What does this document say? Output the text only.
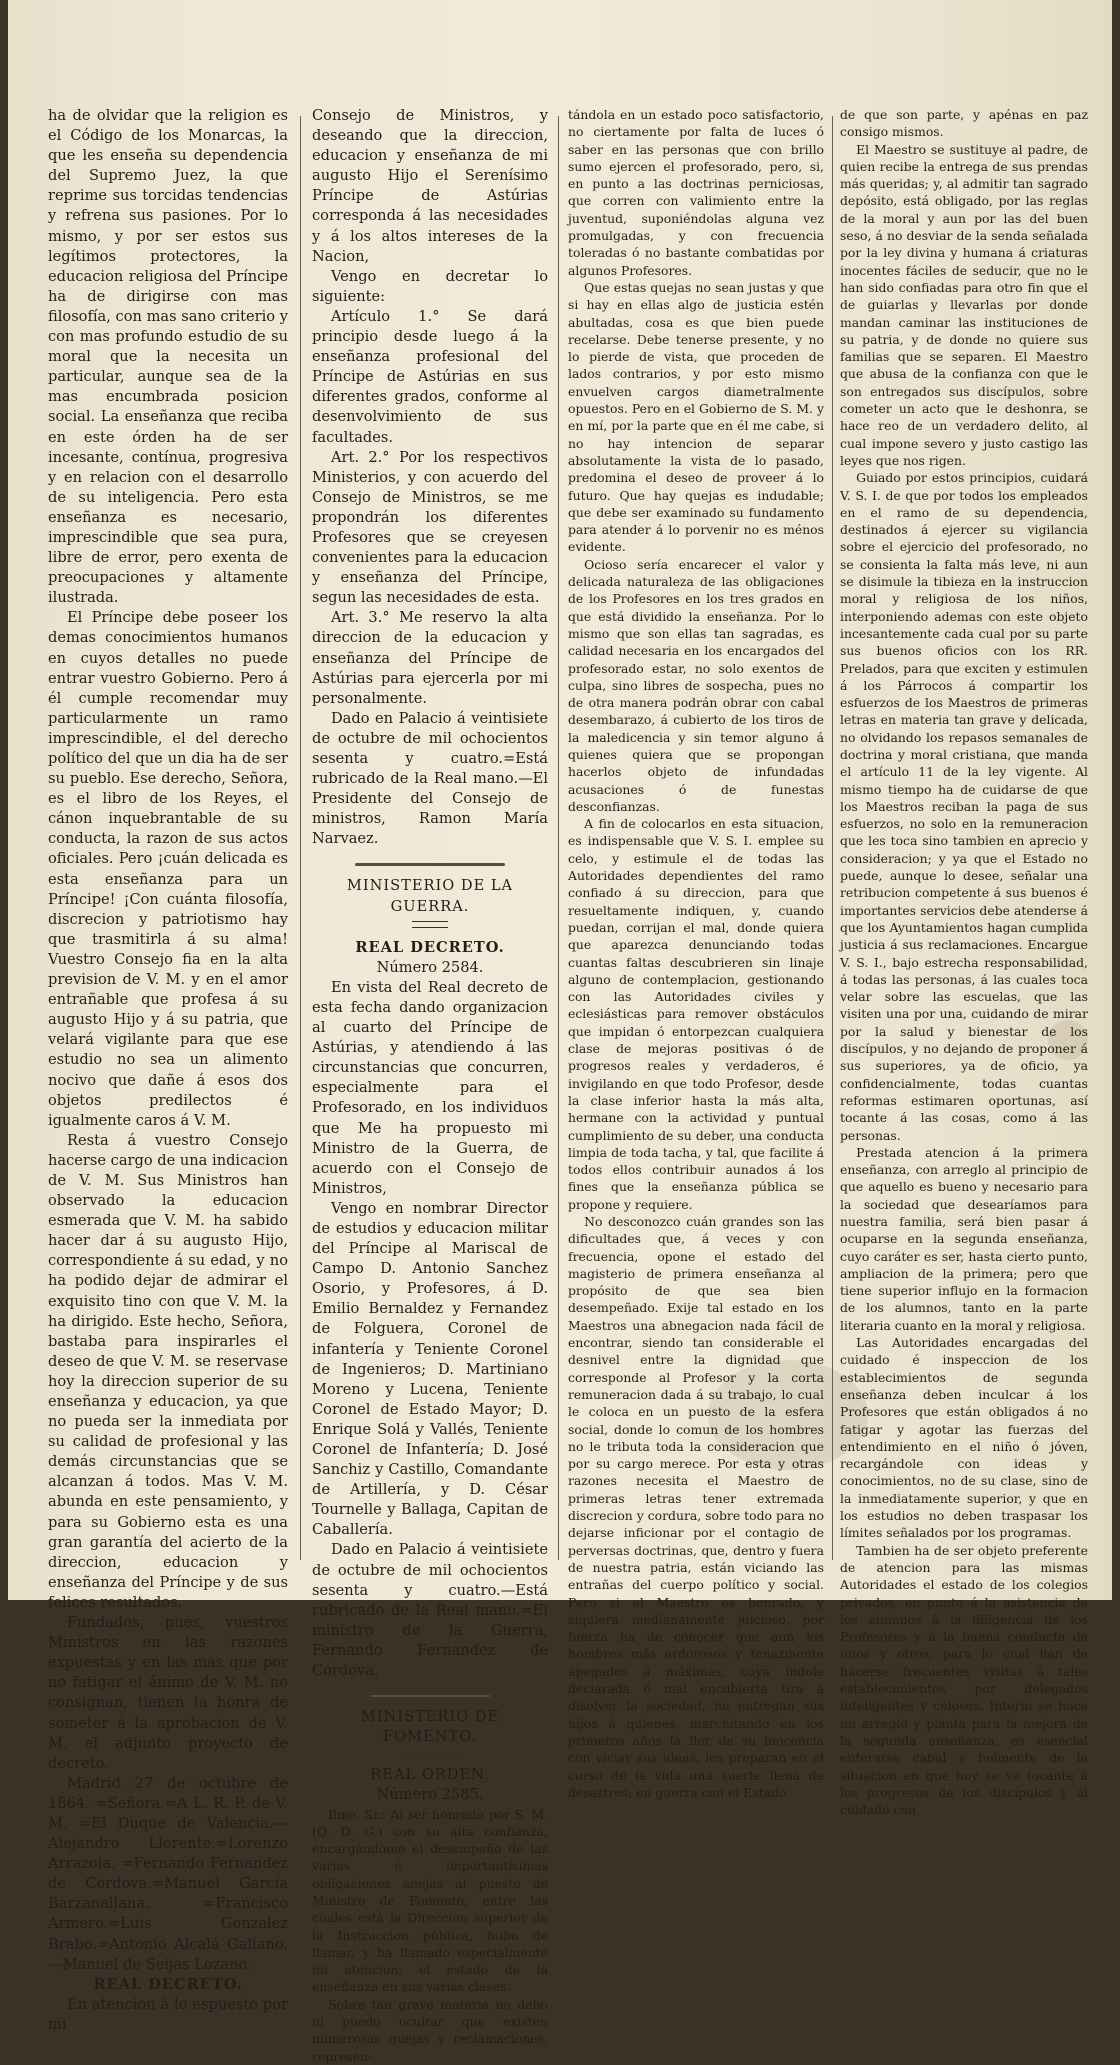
ha de olvidar que la religion es el Código de los Monarcas, la que les enseña su dependencia del Supremo Juez, la que reprime sus torcidas tendencias y refrena sus pasiones. Por lo mismo, y por ser estos sus legítimos protectores, la educacion religiosa del Príncipe ha de dirigirse con mas filosofía, con mas sano criterio y con mas profundo estudio de su moral que la necesita un particular, aunque sea de la mas encumbrada posicion social. La enseñanza que reciba en este órden ha de ser incesante, contínua, progresiva y en relacion con el desarrollo de su inteligencia. Pero esta enseñanza es necesario, imprescindible que sea pura, libre de error, pero exenta de preocupaciones y altamente ilustrada.

El Príncipe debe poseer los demas conocimientos humanos en cuyos detalles no puede entrar vuestro Gobierno. Pero á él cumple recomendar muy particularmente un ramo imprescindible, el del derecho político del que un dia ha de ser su pueblo. Ese derecho, Señora, es el libro de los Reyes, el cánon inquebrantable de su conducta, la razon de sus actos oficiales. Pero ¡cuán delicada es esta enseñanza para un Príncipe! ¡Con cuánta filosofía, discrecion y patriotismo hay que trasmitirla á su alma! Vuestro Consejo fia en la alta prevision de V. M. y en el amor entrañable que profesa á su augusto Hijo y á su patria, que velará vigilante para que ese estudio no sea un alimento nocivo que dañe á esos dos objetos predilectos é igualmente caros á V. M.

Resta á vuestro Consejo hacerse cargo de una indicacion de V. M. Sus Ministros han observado la educacion esmerada que V. M. ha sabido hacer dar á su augusto Hijo, correspondiente á su edad, y no ha podido dejar de admirar el exquisito tino con que V. M. la ha dirigido. Este hecho, Señora, bastaba para inspirarles el deseo de que V. M. se reservase hoy la direccion superior de su enseñanza y educacion, ya que no pueda ser la inmediata por su calidad de profesional y las demás circunstancias que se alcanzan á todos. Mas V. M. abunda en este pensamiento, y para su Gobierno esta es una gran garantía del acierto de la direccion, educacion y enseñanza del Príncipe y de sus felices resultados.

Fundados, pues, vuestros Ministros en las razones expuestas y en las mas que por no fatigar el ánimo de V. M. no consignan, tienen la honra de someter á la aprobacion de V. M. el adjunto proyecto de decreto.

Madrid 27 de octubre de 1864. =Señora.=A L. R. P. de V. M. =El Duque de Valencia.—Alejandro Llorente.=Lorenzo Arrazola. =Fernando Fernandez de Córdova.=Manuel García Barzanallana. =Francisco Armero.=Luis Gonzalez Brabo.=Antonio Alcalá Galiano.—Manuel de Seijas Lozano.

REAL DECRETO.

En atencion á lo espuesto por mi

Consejo de Ministros, y deseando que la direccion, educacion y enseñanza de mi augusto Hijo el Serenísimo Príncipe de Astúrias corresponda á las necesidades y á los altos intereses de la Nacion,

Vengo en decretar lo siguiente:

Artículo 1.° Se dará principio desde luego á la enseñanza profesional del Príncipe de Astúrias en sus diferentes grados, conforme al desenvolvimiento de sus facultades.

Art. 2.° Por los respectivos Ministerios, y con acuerdo del Consejo de Ministros, se me propondrán los diferentes Profesores que se creyesen convenientes para la educacion y enseñanza del Príncipe, segun las necesidades de esta.

Art. 3.° Me reservo la alta direccion de la educacion y enseñanza del Príncipe de Astúrias para ejercerla por mi personalmente.

Dado en Palacio á veintisiete de octubre de mil ochocientos sesenta y cuatro.=Está rubricado de la Real mano.—El Presidente del Consejo de ministros, Ramon María Narvaez.

MINISTERIO DE LA GUERRA.

REAL DECRETO.

Número 2584.

En vista del Real decreto de esta fecha dando organizacion al cuarto del Príncipe de Astúrias, y atendiendo á las circunstancias que concurren, especialmente para el Profesorado, en los individuos que Me ha propuesto mi Ministro de la Guerra, de acuerdo con el Consejo de Ministros,

Vengo en nombrar Director de estudios y educacion militar del Príncipe al Mariscal de Campo D. Antonio Sanchez Osorio, y Profesores, á D. Emilio Bernaldez y Fernandez de Folguera, Coronel de infantería y Teniente Coronel de Ingenieros; D. Martiniano Moreno y Lucena, Teniente Coronel de Estado Mayor; D. Enrique Solá y Vallés, Teniente Coronel de Infantería; D. José Sanchiz y Castillo, Comandante de Artillería, y D. César Tournelle y Ballaga, Capitan de Caballería.

Dado en Palacio á veintisiete de octubre de mil ochocientos sesenta y cuatro.—Está rubricado de la Real mano.=El ministro de la Guerra, Fernando Fernandez de Córdova.

MINISTERIO DE FOMENTO.

REAL ORDEN.

Número 2585.

Ilmo. Sr.: Al ser honrado por S. M. (Q. D. G.) con su alta confianza, encargándome el desempeño de las varias é importantísimas obligaciones anejas al puesto de Ministro de Fomento, entre las cuales está la Direccion superior de la Instruccion pública, hubo de llamar, y ha llamado especialmente mi atencion, el estado de la enseñanza en sus varias clases.

Sobre tan grave materia no debo ni puedo ocultar que existen numerosas quejas y reclamaciones, represen-

tándola en un estado poco satisfactorio, no ciertamente por falta de luces ó saber en las personas que con brillo sumo ejercen el profesorado, pero, si, en punto a las doctrinas perniciosas, que corren con valimiento entre la juventud, suponiéndolas alguna vez promulgadas, y con frecuencia toleradas ó no bastante combatidas por algunos Profesores.

Que estas quejas no sean justas y que si hay en ellas algo de justicia estén abultadas, cosa es que bien puede recelarse. Debe tenerse presente, y no lo pierde de vista, que proceden de lados contrarios, y por esto mismo envuelven cargos diametralmente opuestos. Pero en el Gobierno de S. M. y en mí, por la parte que en él me cabe, si no hay intencion de separar absolutamente la vista de lo pasado, predomina el deseo de proveer á lo futuro. Que hay quejas es indudable; que debe ser examinado su fundamento para atender á lo porvenir no es ménos evidente.

Ocioso sería encarecer el valor y delicada naturaleza de las obligaciones de los Profesores en los tres grados en que está dividido la enseñanza. Por lo mismo que son ellas tan sagradas, es calidad necesaria en los encargados del profesorado estar, no solo exentos de culpa, sino libres de sospecha, pues no de otra manera podrán obrar con cabal desembarazo, á cubierto de los tiros de la maledicencia y sin temor alguno á quienes quiera que se propongan hacerlos objeto de infundadas acusaciones ó de funestas desconfianzas.

A fin de colocarlos en esta situacion, es indispensable que V. S. I. emplee su celo, y estimule el de todas las Autoridades dependientes del ramo confiado á su direccion, para que resueltamente indiquen, y, cuando puedan, corrijan el mal, donde quiera que aparezca denunciando todas cuantas faltas descubrieren sin linaje alguno de contemplacion, gestionando con las Autoridades civiles y eclesiásticas para remover obstáculos que impidan ó entorpezcan cualquiera clase de mejoras positivas ó de progresos reales y verdaderos, é invigilando en que todo Profesor, desde la clase inferior hasta la más alta, hermane con la actividad y puntual cumplimiento de su deber, una conducta limpia de toda tacha, y tal, que facilite á todos ellos contribuir aunados á los fines que la enseñanza pública se propone y requiere.

No desconozco cuán grandes son las dificultades que, á veces y con frecuencia, opone el estado del magisterio de primera enseñanza al propósito de que sea bien desempeñado. Exije tal estado en los Maestros una abnegacion nada fácil de encontrar, siendo tan considerable el desnivel entre la dignidad que corresponde al Profesor y la corta remuneracion dada á su trabajo, lo cual le coloca en un puesto de la esfera social, donde lo comun de los hombres no le tributa toda la consideracion que por su cargo merece. Por esta y otras razones necesita el Maestro de primeras letras tener extremada discrecion y cordura, sobre todo para no dejarse inficionar por el contagio de perversas doctrinas, que, dentro y fuera de nuestra patria, están viciando las entrañas del cuerpo político y social. Pero si el Maestro es honrado, y siquiera medianamente juicioso, por fuerza ha de conocer que aun los hombres más ardorosos y tenazmente apegados á máximas, cuya índole declarada ó mal encubierta tira á disolver la sociedad, no entregan sus hijos á quienes, marchitando en los primeros años la flor de su inocencia con viciar sus ideas, les preparan en el curso de la vida una suerte llena de desastres; en guerra con el Estado

de que son parte, y apénas en paz consigo mismos.

El Maestro se sustituye al padre, de quien recibe la entrega de sus prendas más queridas; y, al admitir tan sagrado depósito, está obligado, por las reglas de la moral y aun por las del buen seso, á no desviar de la senda señalada por la ley divina y humana á criaturas inocentes fáciles de seducir, que no le han sido confiadas para otro fin que el de guiarlas y llevarlas por donde mandan caminar las instituciones de su patria, y de donde no quiere sus familias que se separen. El Maestro que abusa de la confianza con que le son entregados sus discípulos, sobre cometer un acto que le deshonra, se hace reo de un verdadero delito, al cual impone severo y justo castigo las leyes que nos rigen.

Guiado por estos principios, cuidará V. S. I. de que por todos los empleados en el ramo de su dependencia, destinados á ejercer su vigilancia sobre el ejercicio del profesorado, no se consienta la falta más leve, ni aun se disimule la tibieza en la instruccion moral y religiosa de los niños, interponiendo ademas con este objeto incesantemente cada cual por su parte sus buenos oficios con los RR. Prelados, para que exciten y estimulen á los Párrocos á compartir los esfuerzos de los Maestros de primeras letras en materia tan grave y delicada, no olvidando los repasos semanales de doctrina y moral cristiana, que manda el artículo 11 de la ley vigente. Al mismo tiempo ha de cuidarse de que los Maestros reciban la paga de sus esfuerzos, no solo en la remuneracion que les toca sino tambien en aprecio y consideracion; y ya que el Estado no puede, aunque lo desee, señalar una retribucion competente á sus buenos é importantes servicios debe atenderse á que los Ayuntamientos hagan cumplida justicia á sus reclamaciones. Encargue V. S. I., bajo estrecha responsabilidad, á todas las personas, á las cuales toca velar sobre las escuelas, que las visiten una por una, cuidando de mirar por la salud y bienestar de los discípulos, y no dejando de proponer á sus superiores, ya de oficio, ya confidencialmente, todas cuantas reformas estimaren oportunas, así tocante á las cosas, como á las personas.

Prestada atencion á la primera enseñanza, con arreglo al principio de que aquello es bueno y necesario para la sociedad que desearíamos para nuestra familia, será bien pasar á ocuparse en la segunda enseñanza, cuyo caráter es ser, hasta cierto punto, ampliacion de la primera; pero que tiene superior influjo en la formacion de los alumnos, tanto en la parte literaria cuanto en la moral y religiosa.

Las Autoridades encargadas del cuidado é inspeccion de los establecimientos de segunda enseñanza deben inculcar á los Profesores que están obligados á no fatigar y agotar las fuerzas del entendimiento en el niño ó jóven, recargándole con ideas y conocimientos, no de su clase, sino de la inmediatamente superior, y que en los estudios no deben traspasar los límites señalados por los programas.

Tambien ha de ser objeto preferente de atencion para las mismas Autoridades el estado de los colegios privados, en punto á la asistencia de los alumnos á la diligencia de los Profesores y á la buena conducta de unos y otros, para lo cual han de hacerse frecuentes visitas á tales establecimientos por delegados inteligentes y celosos. Interin se hace un arreglo y planta para la mejora de la segunda enseñanza, es esencial enterarse cabal y fielmente de la situacion en que hoy se ve tocante á los progresos de los discípulos y al cuidado con
